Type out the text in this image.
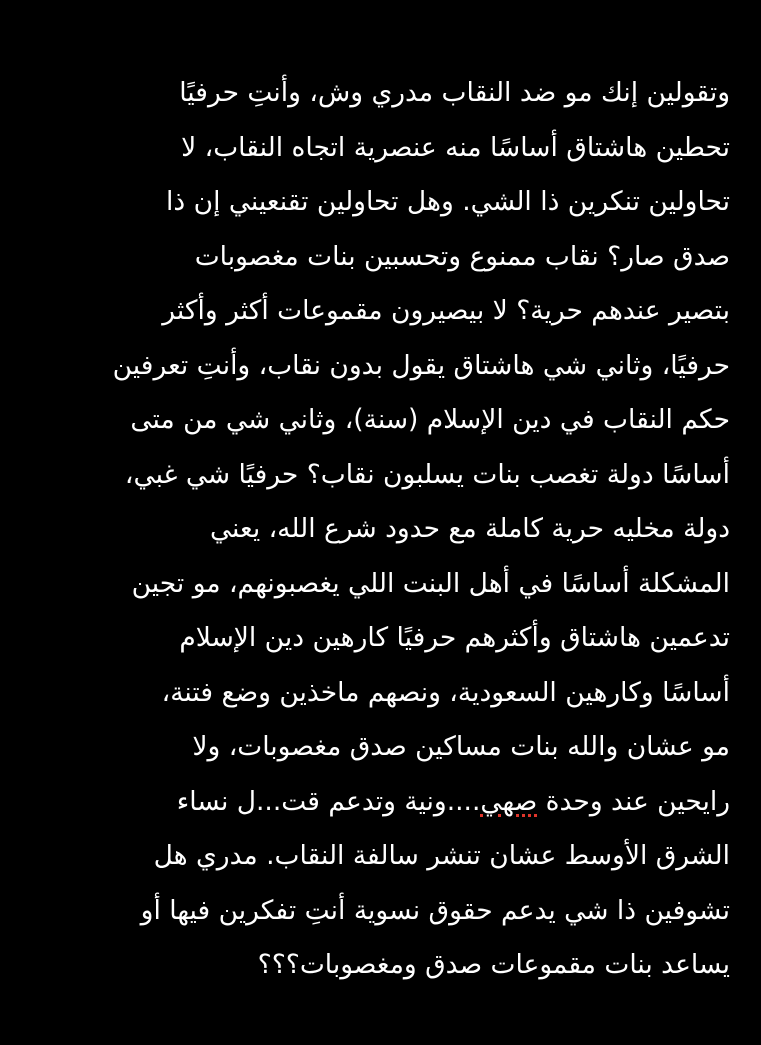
وتقولين إنك مو ضد النقاب مدري وش، وأنتِ حرفيًا
تحطين هاشتاق أساسًا منه عنصرية اتجاه النقاب، لا
تحاولين تنكرين ذا الشي. وهل تحاولين تقنعيني إن ذا
صدق صار؟ نقاب ممنوع وتحسبين بنات مغصوبات
بتصير عندهم حرية؟ لا بيصيرون مقموعات أكثر وأكثر
حرفيًا، وثاني شي هاشتاق يقول بدون نقاب، وأنتِ تعرفين
حكم النقاب في دين الإسلام (سنة)، وثاني شي من متى
أساسًا دولة تغصب بنات يسلبون نقاب؟ حرفيًا شي غبي،
دولة مخليه حرية كاملة مع حدود شرع الله، يعني
المشكلة أساسًا في أهل البنت اللي يغصبونهم، مو تجين
تدعمين هاشتاق وأكثرهم حرفيًا كارهين دين الإسلام
أساسًا وكارهين السعودية، ونصهم ماخذين وضع فتنة،
مو عشان والله بنات مساكين صدق مغصوبات، ولا
رايحين عند وحدة صهي....ونية وتدعم قت...ل نساء
الشرق الأوسط عشان تنشر سالفة النقاب. مدري هل
تشوفين ذا شي يدعم حقوق نسوية أنتِ تفكرين فيها أو
يساعد بنات مقموعات صدق ومغصوبات؟؟؟
